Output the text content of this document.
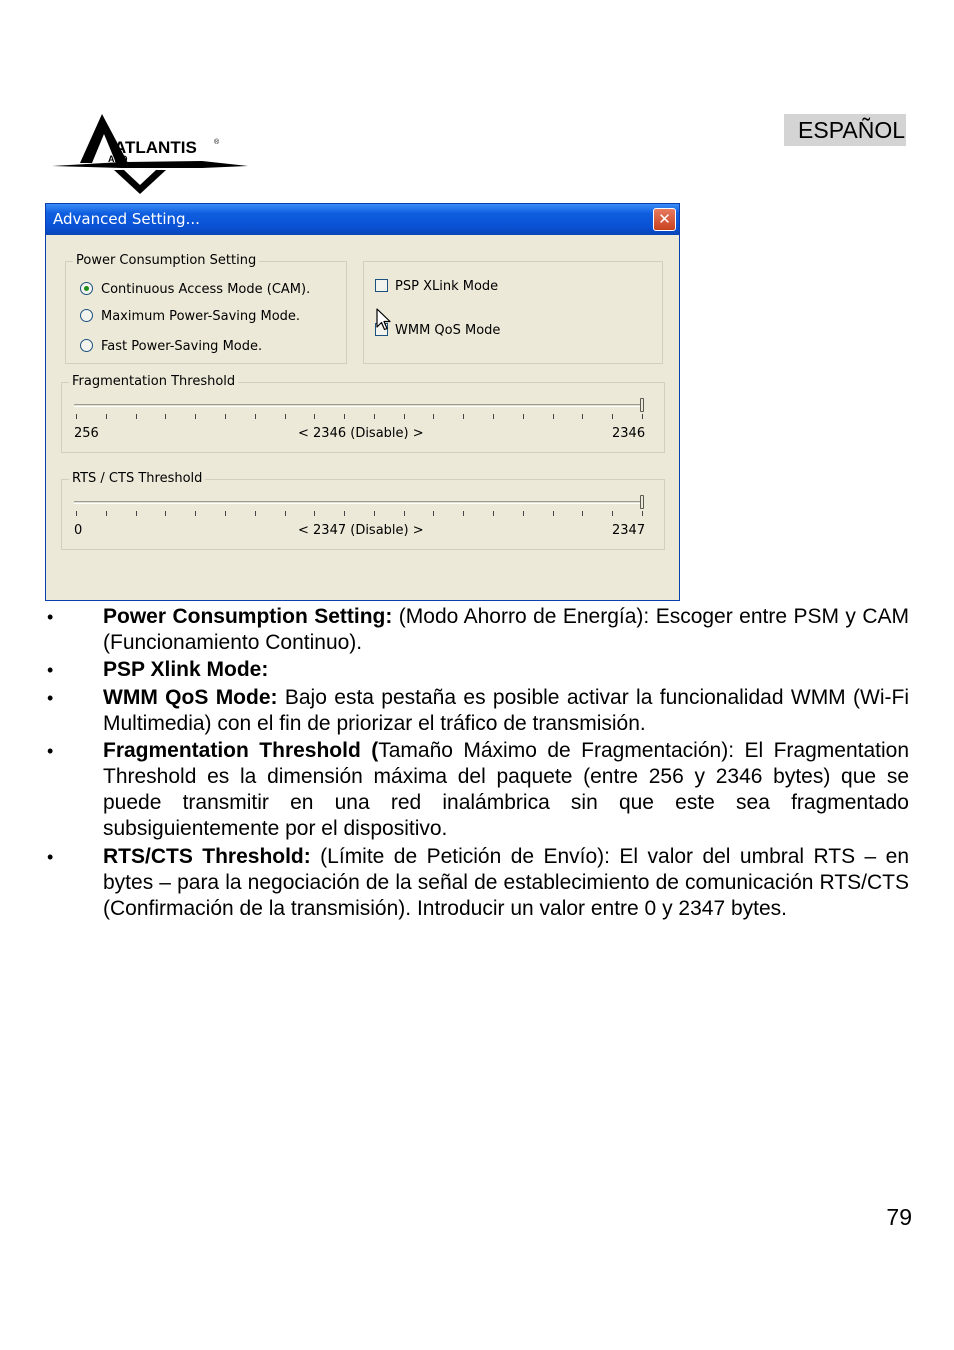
ATLANTIS
AND
®	ESPAÑOL
Advanced Setting...	✕
Power Consumption Setting
Continuous Access Mode (CAM).
Maximum Power-Saving Mode.
Fast Power-Saving Mode.
PSP XLink Mode
WMM QoS Mode
Fragmentation Threshold
256	< 2346 (Disable) >	2346
RTS / CTS Threshold
0	< 2347 (Disable) >	2347
• Power Consumption Setting: (Modo Ahorro de Energía): Escoger entre PSM y CAM (Funcionamiento Continuo).
• PSP Xlink Mode:
• WMM QoS Mode: Bajo esta pestaña es posible activar la funcionalidad WMM (Wi-Fi Multimedia) con el fin de priorizar el tráfico de transmisión.
• Fragmentation Threshold (Tamaño Máximo de Fragmentación): El Fragmentation Threshold es la dimensión máxima del paquete (entre 256 y 2346 bytes) que se puede transmitir en una red inalámbrica sin que este sea fragmentado subsiguientemente por el dispositivo.
• RTS/CTS Threshold: (Límite de Petición de Envío): El valor del umbral RTS – en bytes – para la negociación de la señal de establecimiento de comunicación RTS/CTS (Confirmación de la transmisión). Introducir un valor entre 0 y 2347 bytes.
79
